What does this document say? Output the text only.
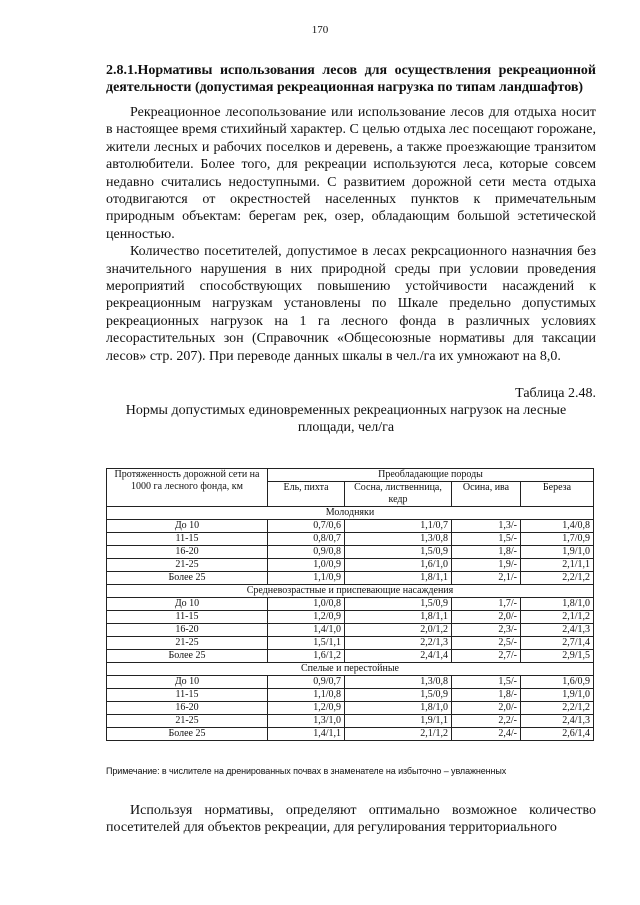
170

2.8.1.Нормативы использования лесов для осуществления рекреационной деятельности (допустимая рекреационная нагрузка по типам ландшафтов)

Рекреационное лесопользование или использование лесов для отдыха носит в настоящее время стихийный характер. С целью отдыха лес посещают горожане, жители лесных и рабочих поселков и деревень, а также проезжающие транзитом автолюбители. Более того, для рекреации используются леса, которые совсем недавно считались недоступными. С развитием дорожной сети места отдыха отодвигаются от окрестностей населенных пунктов к примечательным природным объектам: берегам рек, озер, обладающим большой эстетической ценностью.

Количество посетителей, допустимое в лесах рекрсационного назначния без значительного нарушения в них природной среды при условии проведения мероприятий способствующих повышению устойчивости насаждений к рекреационным нагрузкам установлены по Шкале предельно допустимых рекреационных нагрузок на 1 га лесного фонда в различных условиях лесорастительных зон (Справочник «Общесоюзные нормативы для таксации лесов» стр. 207). При переводе данных шкалы в чел./га их умножают на 8,0.

Таблица 2.48.
Нормы допустимых единовременных рекреационных нагрузок на лесные площади, чел/га
Протяженность дорожной сети на 1000 га лесного фонда, км	Преобладающие породы			
	Ель, пихта	Сосна, лиственница, кедр	Осина, ива	Береза
Молодняки				
До 10	0,7/0,6	1,1/0,7	1,3/-	1,4/0,8
11-15	0,8/0,7	1,3/0,8	1,5/-	1,7/0,9
16-20	0,9/0,8	1,5/0,9	1,8/-	1,9/1,0
21-25	1,0/0,9	1,6/1,0	1,9/-	2,1/1,1
Более 25	1,1/0,9	1,8/1,1	2,1/-	2,2/1,2
Средневозрастные и приспевающие насаждения				
До 10	1,0/0,8	1,5/0,9	1,7/-	1,8/1,0
11-15	1,2/0,9	1,8/1,1	2,0/-	2,1/1,2
16-20	1,4/1,0	2,0/1,2	2,3/-	2,4/1,3
21-25	1,5/1,1	2,2/1,3	2,5/-	2,7/1,4
Более 25	1,6/1,2	2,4/1,4	2,7/-	2,9/1,5
Спелые и перестойные				
До 10	0,9/0,7	1,3/0,8	1,5/-	1,6/0,9
11-15	1,1/0,8	1,5/0,9	1,8/-	1,9/1,0
16-20	1,2/0,9	1,8/1,0	2,0/-	2,2/1,2
21-25	1,3/1,0	1,9/1,1	2,2/-	2,4/1,3
Более 25	1,4/1,1	2,1/1,2	2,4/-	2,6/1,4
Примечание: в числителе на дренированных почвах в знаменателе на избыточно – увлажненных

Используя нормативы, определяют оптимально возможное количество посетителей для объектов рекреации, для регулирования территориального
